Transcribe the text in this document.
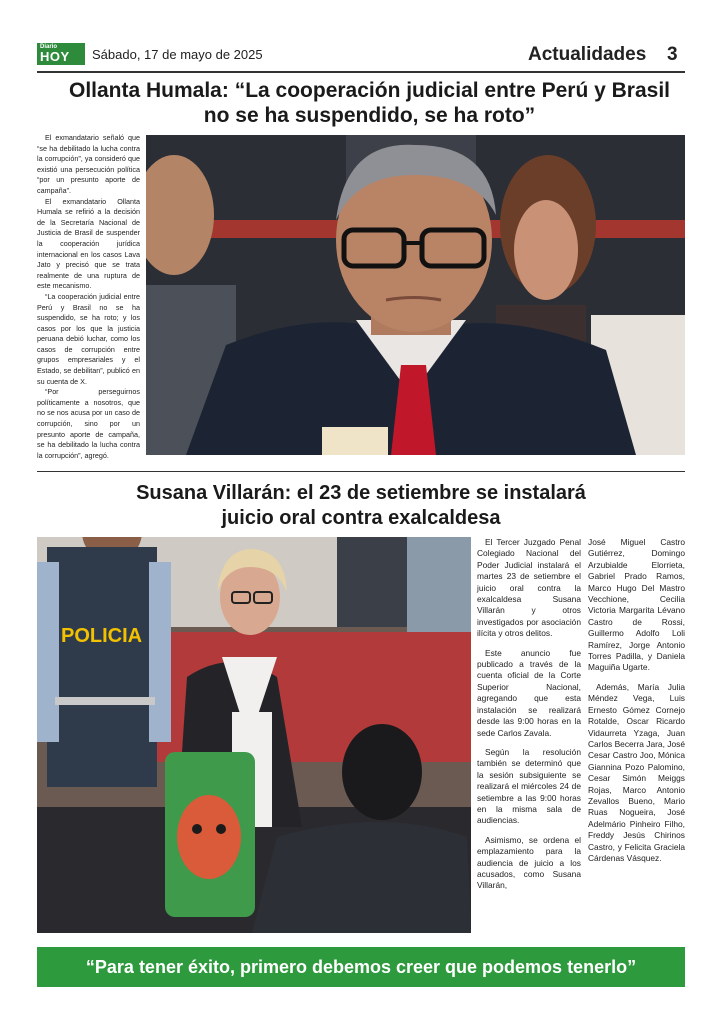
Diario
HOY	Sábado, 17 de mayo de 2025	Actualidades 3
Ollanta Humala: “La cooperación judicial entre Perú y Brasil
no se ha suspendido, se ha roto”

El exmandatario señaló que “se ha debilitado la lucha contra la corrupción”, ya consideró que existió una persecución política “por un presunto aporte de campaña”.

El exmandatario Ollanta Humala se refirió a la decisión de la Secretaría Nacional de Justicia de Brasil de suspender la cooperación jurídica internacional en los casos Lava Jato y precisó que se trata realmente de una ruptura de este mecanismo.

“La cooperación judicial entre Perú y Brasil no se ha suspendido, se ha roto; y los casos por los que la justicia peruana debió luchar, como los casos de corrupción entre grupos empresariales y el Estado, se debilitan”, publicó en su cuenta de X.

“Por perseguirnos políticamente a nosotros, que no se nos acusa por un caso de corrupción, sino por un presunto aporte de campaña, se ha debilitado la lucha contra la corrupción”, agregó.

Susana Villarán: el 23 de setiembre se instalará
juicio oral contra exalcaldesa
POLICIA

El Tercer Juzgado Penal Colegiado Nacional del Poder Judicial instalará el martes 23 de setiembre el juicio oral contra la exalcaldesa Susana Villarán y otros investigados por asociación ilícita y otros delitos.

Este anuncio fue publicado a través de la cuenta oficial de la Corte Superior Nacional, agregando que esta instalación se realizará desde las 9:00 horas en la sede Carlos Zavala.

Según la resolución también se determinó que la sesión subsiguiente se realizará el miércoles 24 de setiembre a las 9:00 horas en la misma sala de audiencias.

Asimismo, se ordena el emplazamiento para la audiencia de juicio a los acusados, como Susana Villarán,

José Miguel Castro Gutiérrez, Domingo Arzubialde Elorrieta, Gabriel Prado Ramos, Marco Hugo Del Mastro Vecchione, Cecilia Victoria Margarita Lévano Castro de Rossi, Guillermo Adolfo Loli Ramírez, Jorge Antonio Torres Padilla, y Daniela Maguiña Ugarte.

Además, María Julia Méndez Vega, Luis Ernesto Gómez Cornejo Rotalde, Oscar Ricardo Vidaurreta Yzaga, Juan Carlos Becerra Jara, José Cesar Castro Joo, Mónica Giannina Pozo Palomino, Cesar Simón Meiggs Rojas, Marco Antonio Zevallos Bueno, Mario Ruas Nogueira, José Adelmário Pinheiro Filho, Freddy Jesús Chirinos Castro, y Felicita Graciela Cárdenas Vásquez.

“Para tener éxito, primero debemos creer que podemos tenerlo”
